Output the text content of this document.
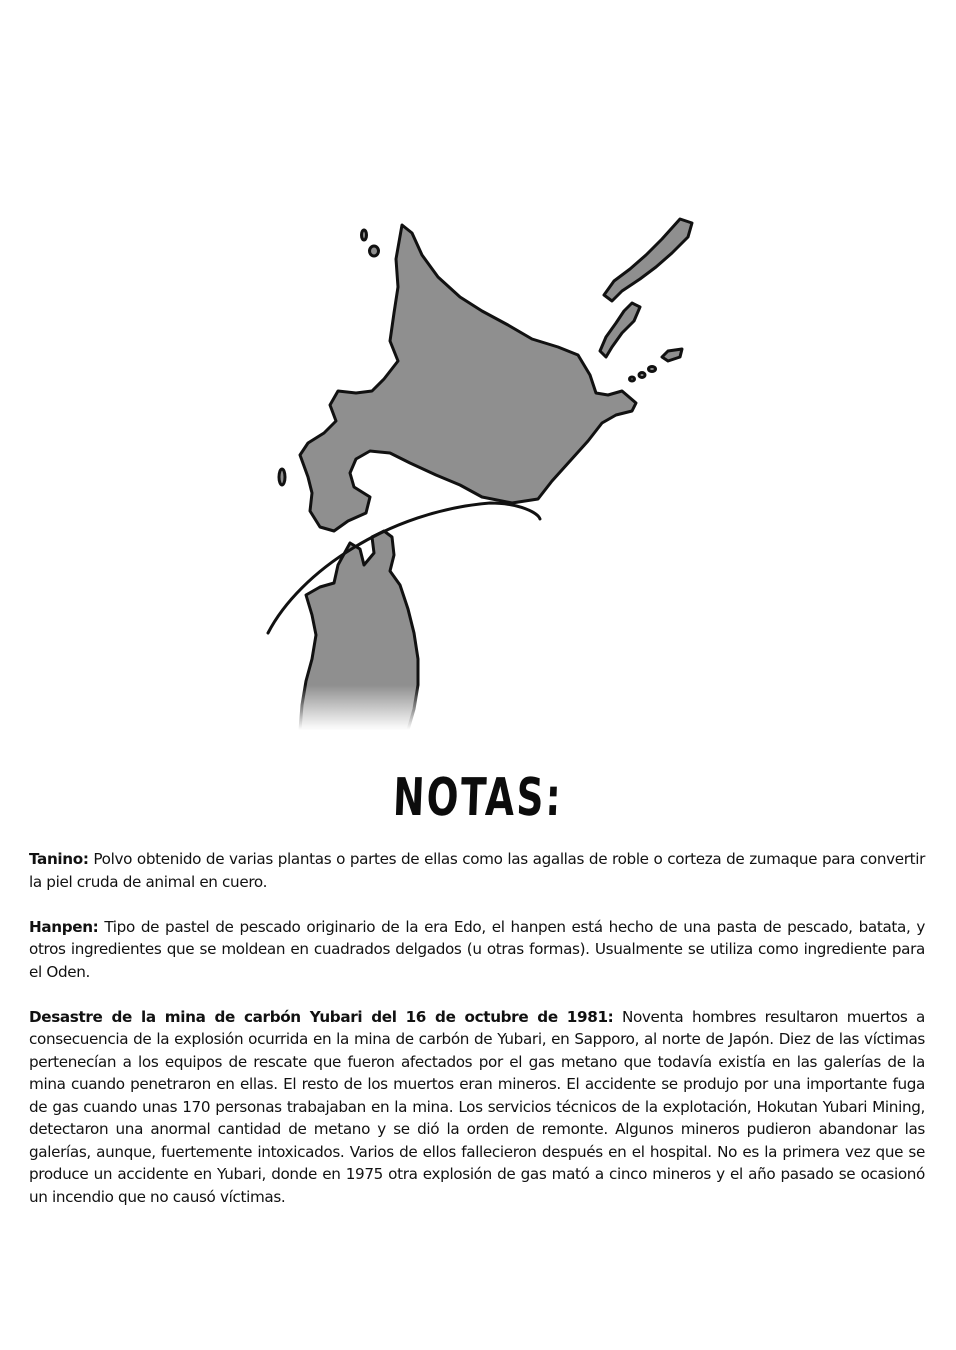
NOTAS:

Tanino: Polvo obtenido de varias plantas o partes de ellas como las agallas de roble o corteza de zumaque para convertir la piel cruda de animal en cuero.

Hanpen: Tipo de pastel de pescado originario de la era Edo, el hanpen está hecho de una pasta de pescado, batata, y otros ingredientes que se moldean en cuadrados delgados (u otras formas). Usualmente se utiliza como ingrediente para el Oden.

Desastre de la mina de carbón Yubari del 16 de octubre de 1981: Noventa hombres resultaron muertos a consecuencia de la explosión ocurrida en la mina de carbón de Yubari, en Sapporo, al norte de Japón. Diez de las víctimas pertenecían a los equipos de rescate que fueron afectados por el gas metano que todavía existía en las galerías de la mina cuando penetraron en ellas. El resto de los muertos eran mineros. El accidente se produjo por una importante fuga de gas cuando unas 170 personas trabajaban en la mina. Los servicios técnicos de la explotación, Hokutan Yubari Mining, detectaron una anormal cantidad de metano y se dió la orden de remonte. Algunos mineros pudieron abandonar las galerías, aunque, fuertemente intoxicados. Varios de ellos fallecieron después en el hospital. No es la primera vez que se produce un accidente en Yubari, donde en 1975 otra explosión de gas mató a cinco mineros y el año pasado se ocasionó un incendio que no causó víctimas.
